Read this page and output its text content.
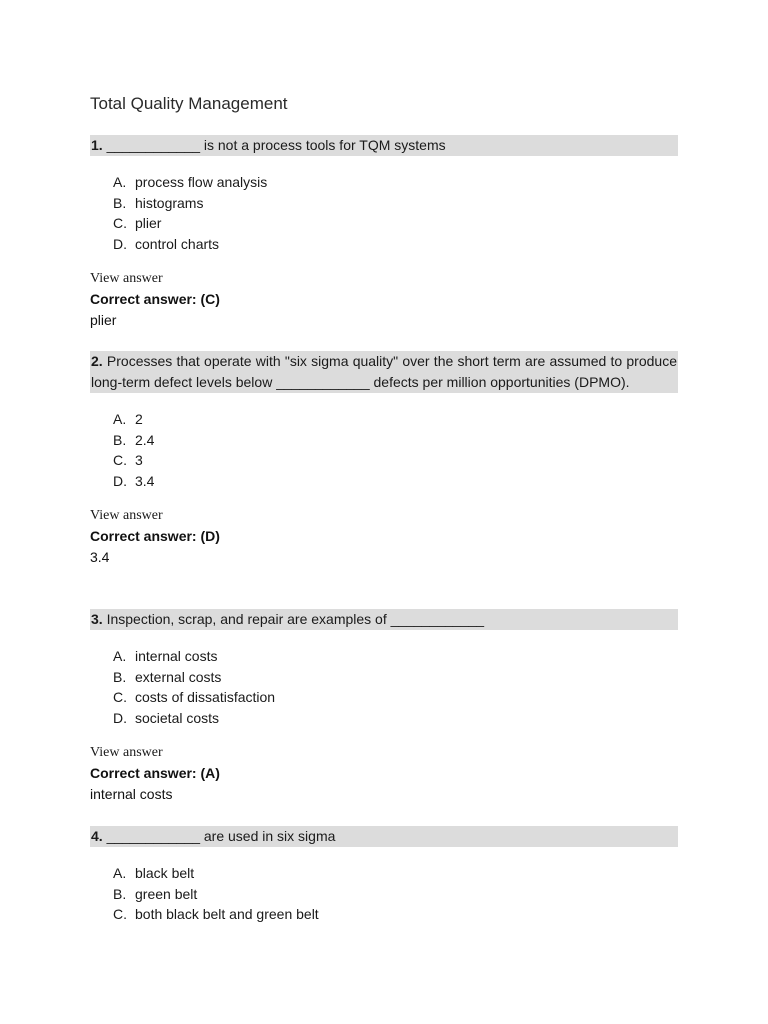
Total Quality Management
1. ____________ is not a process tools for TQM systems
A. process flow analysis
B. histograms
C. plier
D. control charts
View answer
Correct answer: (C)
plier
2. Processes that operate with "six sigma quality" over the short term are assumed to produce long-term defect levels below ____________ defects per million opportunities (DPMO).
A. 2
B. 2.4
C. 3
D. 3.4
View answer
Correct answer: (D)
3.4
3. Inspection, scrap, and repair are examples of ____________
A. internal costs
B. external costs
C. costs of dissatisfaction
D. societal costs
View answer
Correct answer: (A)
internal costs
4. ____________ are used in six sigma
A. black belt
B. green belt
C. both black belt and green belt
